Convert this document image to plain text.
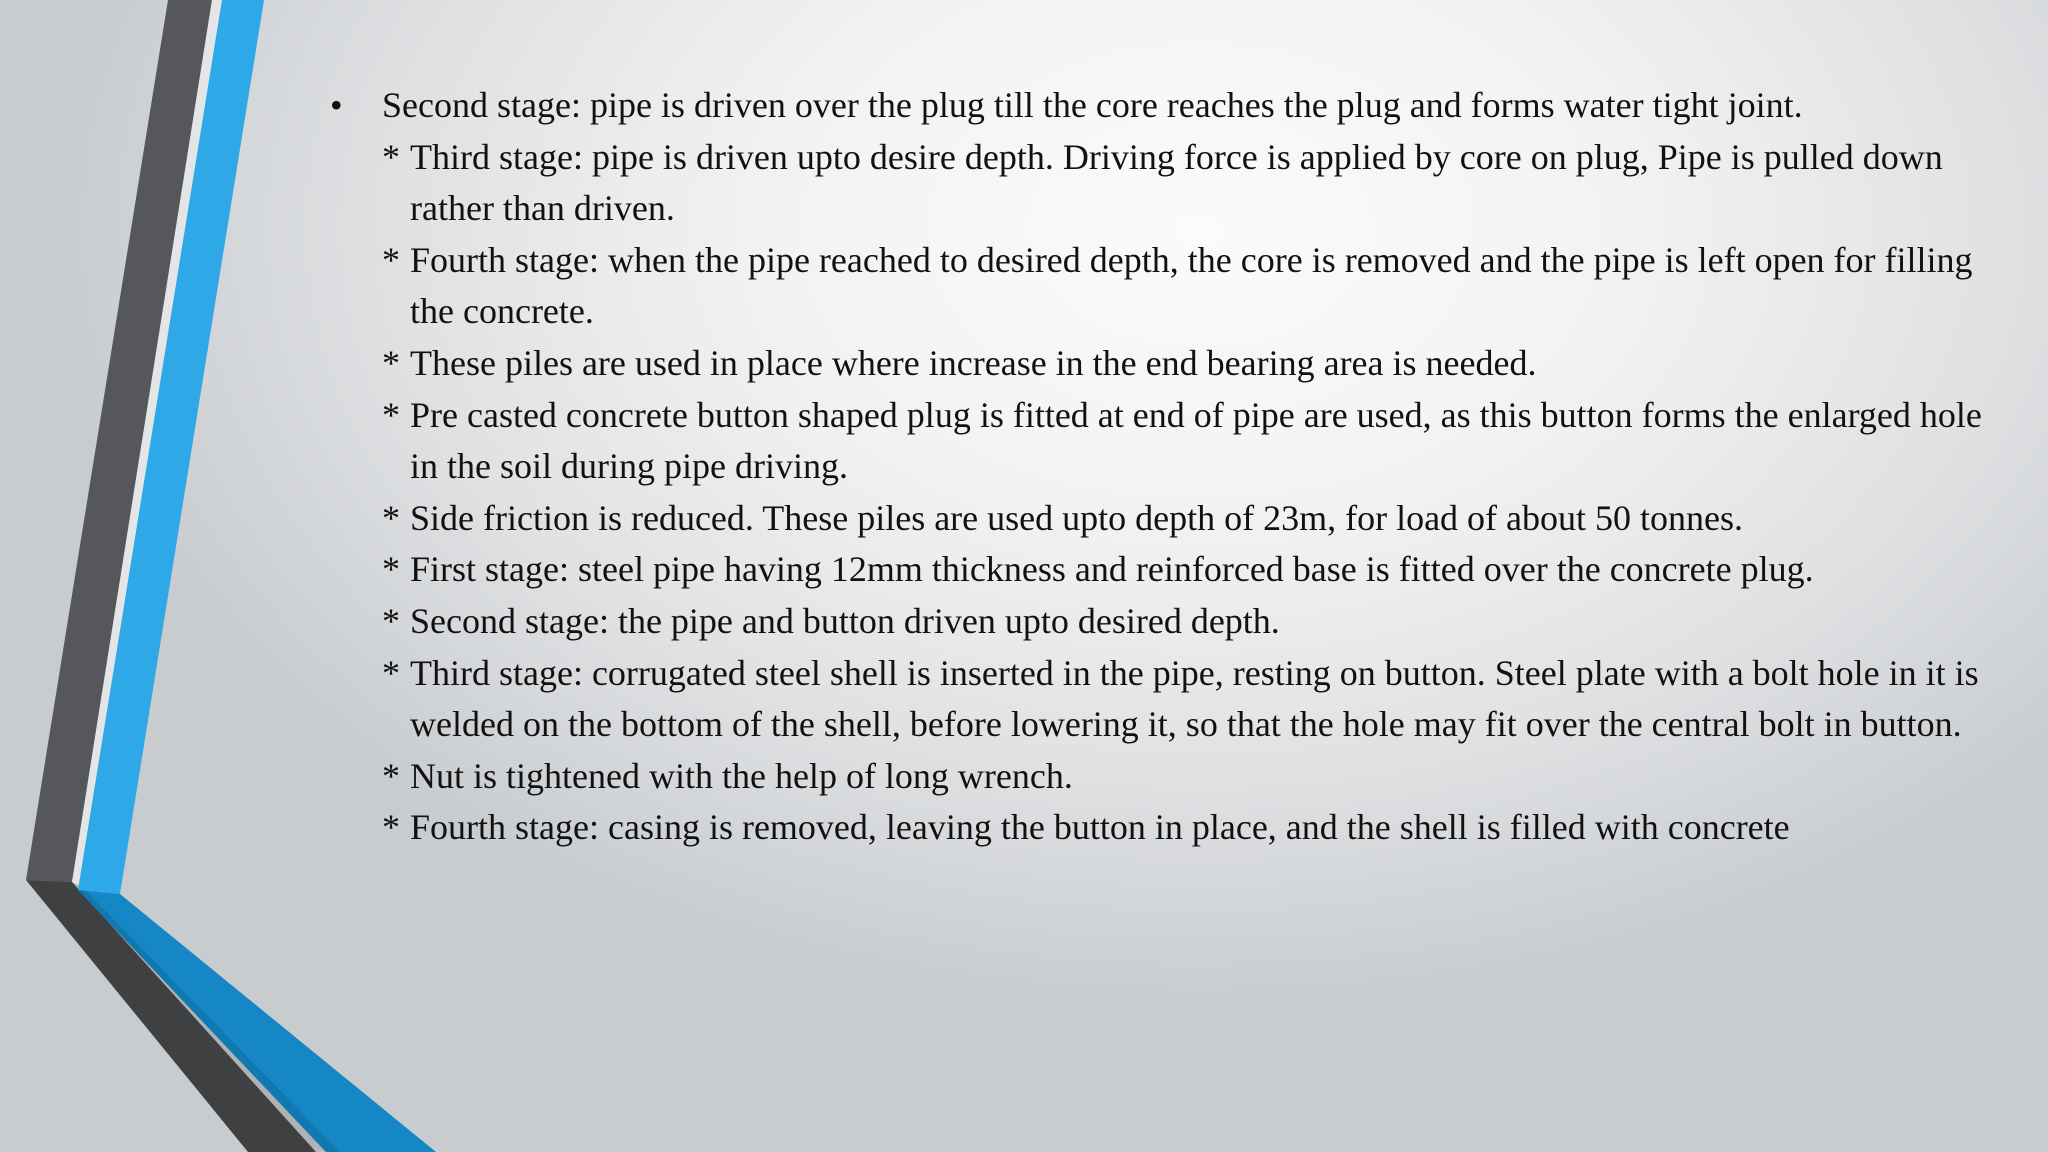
•	Second stage: pipe is driven over the plug till the core reaches the plug and forms water tight joint.
* Third stage: pipe is driven upto desire depth. Driving force is applied by core on plug, Pipe is pulled down rather than driven.
* Fourth stage: when the pipe reached to desired depth, the core is removed and the pipe is left open for filling the concrete.
* These piles are used in place where increase in the end bearing area is needed.
* Pre casted concrete button shaped plug is fitted at end of pipe are used, as this button forms the enlarged hole in the soil during pipe driving.
* Side friction is reduced. These piles are used upto depth of 23m, for load of about 50 tonnes.
* First stage: steel pipe having 12mm thickness and reinforced base is fitted over the concrete plug.
* Second stage: the pipe and button driven upto desired depth.
* Third stage: corrugated steel shell is inserted in the pipe, resting on button. Steel plate with a bolt hole in it is welded on the bottom of the shell, before lowering it, so that the hole may fit over the central bolt in button.
* Nut is tightened with the help of long wrench.
* Fourth stage: casing is removed, leaving the button in place, and the shell is filled with concrete
